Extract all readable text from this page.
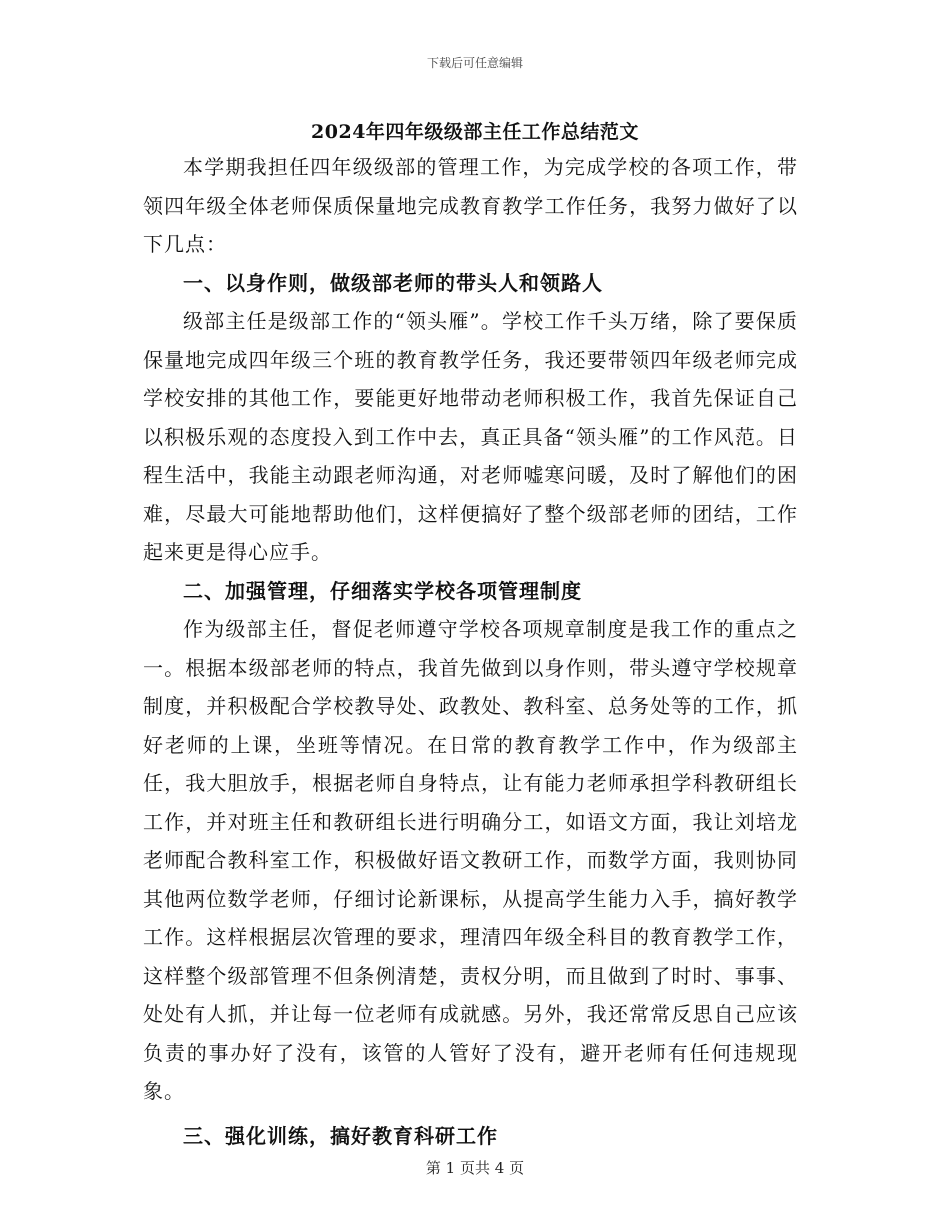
下载后可任意编辑
2024年四年级级部主任工作总结范文

本学期我担任四年级级部的管理工作，为完成学校的各项工作，带领四年级全体老师保质保量地完成教育教学工作任务，我努力做好了以下几点：

一、以身作则，做级部老师的带头人和领路人

级部主任是级部工作的“领头雁”。学校工作千头万绪，除了要保质保量地完成四年级三个班的教育教学任务，我还要带领四年级老师完成学校安排的其他工作，要能更好地带动老师积极工作，我首先保证自己以积极乐观的态度投入到工作中去，真正具备“领头雁”的工作风范。日程生活中，我能主动跟老师沟通，对老师嘘寒问暖，及时了解他们的困难，尽最大可能地帮助他们，这样便搞好了整个级部老师的团结，工作起来更是得心应手。

二、加强管理，仔细落实学校各项管理制度

作为级部主任，督促老师遵守学校各项规章制度是我工作的重点之一。根据本级部老师的特点，我首先做到以身作则，带头遵守学校规章制度，并积极配合学校教导处、政教处、教科室、总务处等的工作，抓好老师的上课，坐班等情况。在日常的教育教学工作中，作为级部主任，我大胆放手，根据老师自身特点，让有能力老师承担学科教研组长工作，并对班主任和教研组长进行明确分工，如语文方面，我让刘培龙老师配合教科室工作，积极做好语文教研工作，而数学方面，我则协同其他两位数学老师，仔细讨论新课标，从提高学生能力入手，搞好教学工作。这样根据层次管理的要求，理清四年级全科目的教育教学工作，这样整个级部管理不但条例清楚，责权分明，而且做到了时时、事事、处处有人抓，并让每一位老师有成就感。另外，我还常常反思自己应该负责的事办好了没有，该管的人管好了没有，避开老师有任何违规现象。

三、强化训练，搞好教育科研工作

第 1 页共 4 页
